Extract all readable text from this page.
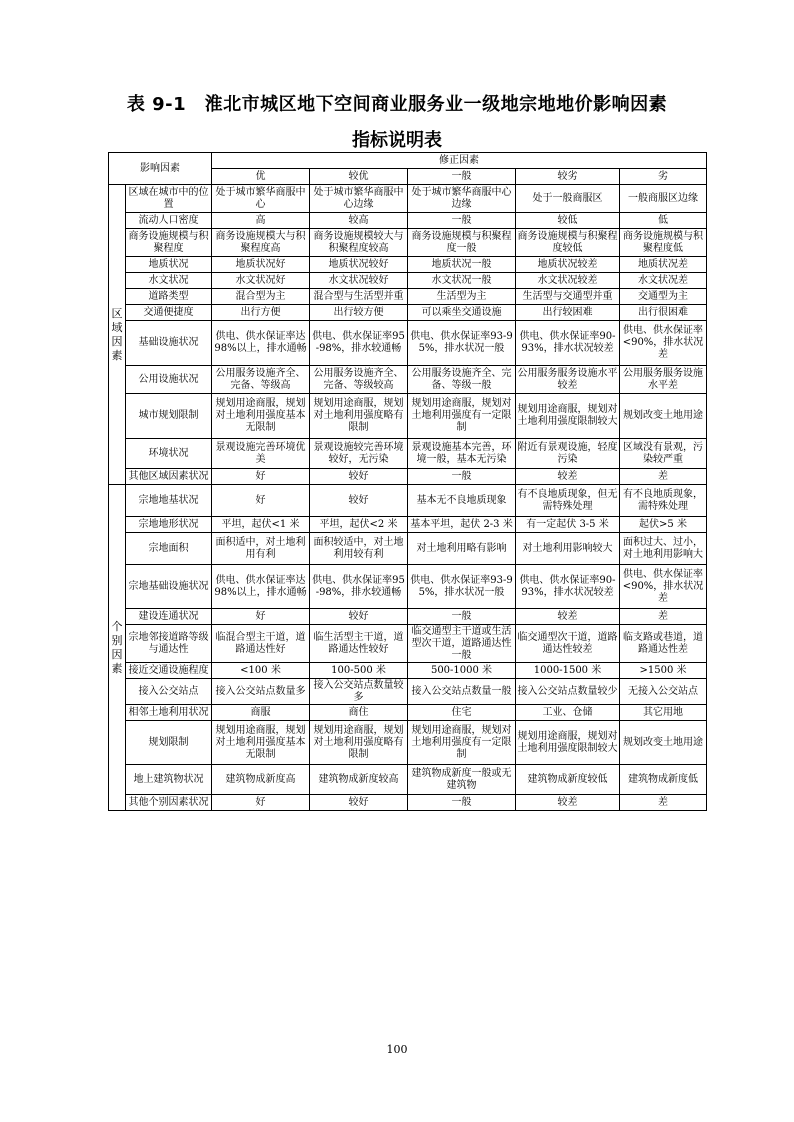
表 9-1　淮北市城区地下空间商业服务业一级地宗地地价影响因素
指标说明表
影响因素		修正因素				
		优	较优	一般	较劣	劣
区域因素	区域在城市中的位置	处于城市繁华商服中心	处于城市繁华商服中心边缘	处于城市繁华商服中心边缘	处于一般商服区	一般商服区边缘
	流动人口密度	高	较高	一般	较低	低
	商务设施规模与积聚程度	商务设施规模大与积聚程度高	商务设施规模较大与积聚程度较高	商务设施规模与积聚程度一般	商务设施规模与积聚程度较低	商务设施规模与积聚程度低
	地质状况	地质状况好	地质状况较好	地质状况一般	地质状况较差	地质状况差
	水文状况	水文状况好	水文状况较好	水文状况一般	水文状况较差	水文状况差
	道路类型	混合型为主	混合型与生活型并重	生活型为主	生活型与交通型并重	交通型为主
	交通便捷度	出行方便	出行较方便	可以乘坐交通设施	出行较困难	出行很困难
	基础设施状况	供电、供水保证率达98%以上，排水通畅	供电、供水保证率95-98%，排水较通畅	供电、供水保证率93-95%，排水状况一般	供电、供水保证率90-93%，排水状况较差	供电、供水保证率<90%，排水状况差
	公用设施状况	公用服务设施齐全、完备、等级高	公用服务设施齐全、完备、等级较高	公用服务设施齐全、完备、等级一般	公用服务服务设施水平较差	公用服务服务设施水平差
	城市规划限制	规划用途商服，规划对土地利用强度基本无限制	规划用途商服，规划对土地利用强度略有限制	规划用途商服，规划对土地利用强度有一定限制	规划用途商服，规划对土地利用强度限制较大	规划改变土地用途
	环境状况	景观设施完善环境优美	景观设施较完善环境较好，无污染	景观设施基本完善，环境一般，基本无污染	附近有景观设施，轻度污染	区域没有景观，污染较严重
	其他区域因素状况	好	较好	一般	较差	差
个别因素	宗地地基状况	好	较好	基本无不良地质现象	有不良地质现象，但无需特殊处理	有不良地质现象，需特殊处理
	宗地地形状况	平坦，起伏<1 米	平坦，起伏<2 米	基本平坦，起伏 2-3 米	有一定起伏 3-5 米	起伏>5 米
	宗地面积	面积适中，对土地利用有利	面积较适中，对土地利用较有利	对土地利用略有影响	对土地利用影响较大	面积过大、过小，对土地利用影响大
	宗地基础设施状况	供电、供水保证率达98%以上，排水通畅	供电、供水保证率95-98%，排水较通畅	供电、供水保证率93-95%，排水状况一般	供电、供水保证率90-93%，排水状况较差	供电、供水保证率<90%，排水状况差
	建设连通状况	好	较好	一般	较差	差
	宗地邻接道路等级与通达性	临混合型主干道，道路通达性好	临生活型主干道，道路通达性较好	临交通型主干道或生活型次干道，道路通达性一般	临交通型次干道，道路通达性较差	临支路或巷道，道路通达性差
	接近交通设施程度	<100 米	100-500 米	500-1000 米	1000-1500 米	>1500 米
	接入公交站点	接入公交站点数量多	接入公交站点数量较多	接入公交站点数量一般	接入公交站点数量较少	无接入公交站点
	相邻土地利用状况	商服	商住	住宅	工业、仓储	其它用地
	规划限制	规划用途商服，规划对土地利用强度基本无限制	规划用途商服，规划对土地利用强度略有限制	规划用途商服，规划对土地利用强度有一定限制	规划用途商服，规划对土地利用强度限制较大	规划改变土地用途
	地上建筑物状况	建筑物成新度高	建筑物成新度较高	建筑物成新度一般或无建筑物	建筑物成新度较低	建筑物成新度低
	其他个别因素状况	好	较好	一般	较差	差
100
